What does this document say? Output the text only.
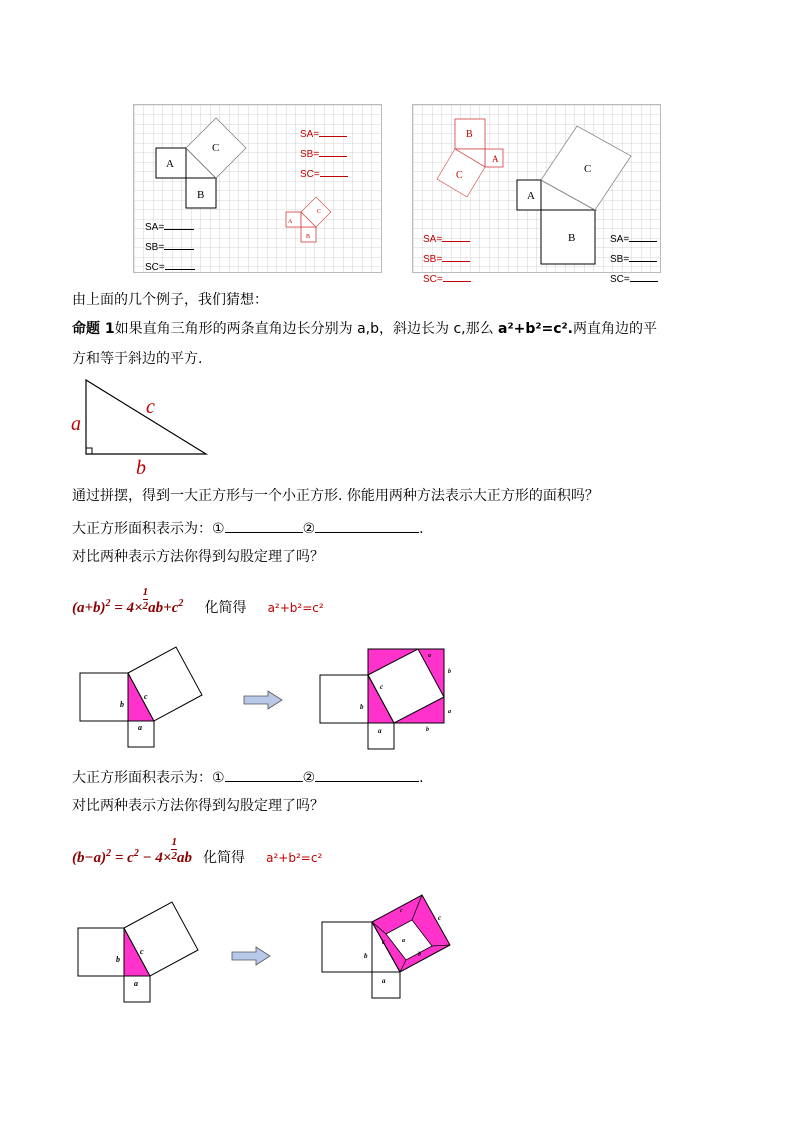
A
B
C
A
B
C
SA=
SB=
SC=
SA=
SB=
SC=
B
A
C
A
B
C
SA=
SB=
SC=
SA=
SB=
SC=
由上面的几个例子，我们猜想：
命题 1如果直角三角形的两条直角边长分别为 a,b，斜边长为 c,那么 a²+b²=c².两直角边的平
方和等于斜边的平方.
a
c
b
通过拼摆，得到一大正方形与一个小正方形. 你能用两种方法表示大正方形的面积吗？
大正方形面积表示为：①	②	.
对比两种表示方法你得到勾股定理了吗？
$(a+b)^2 = 4\times \frac{1}{2} ab+c^2$ 化简得 $_{a^2+b^2=c^2}$
b
c
a
b
a
c
a
b
b
a
大正方形面积表示为：①	②	.
对比两种表示方法你得到勾股定理了吗？
$(b-a)^2 = c^2 - 4\times \frac{1}{2}$ ab 化简得 $_{a^2+b^2=c^2}$
b
c
a
b
a
c	a
c
c
b
